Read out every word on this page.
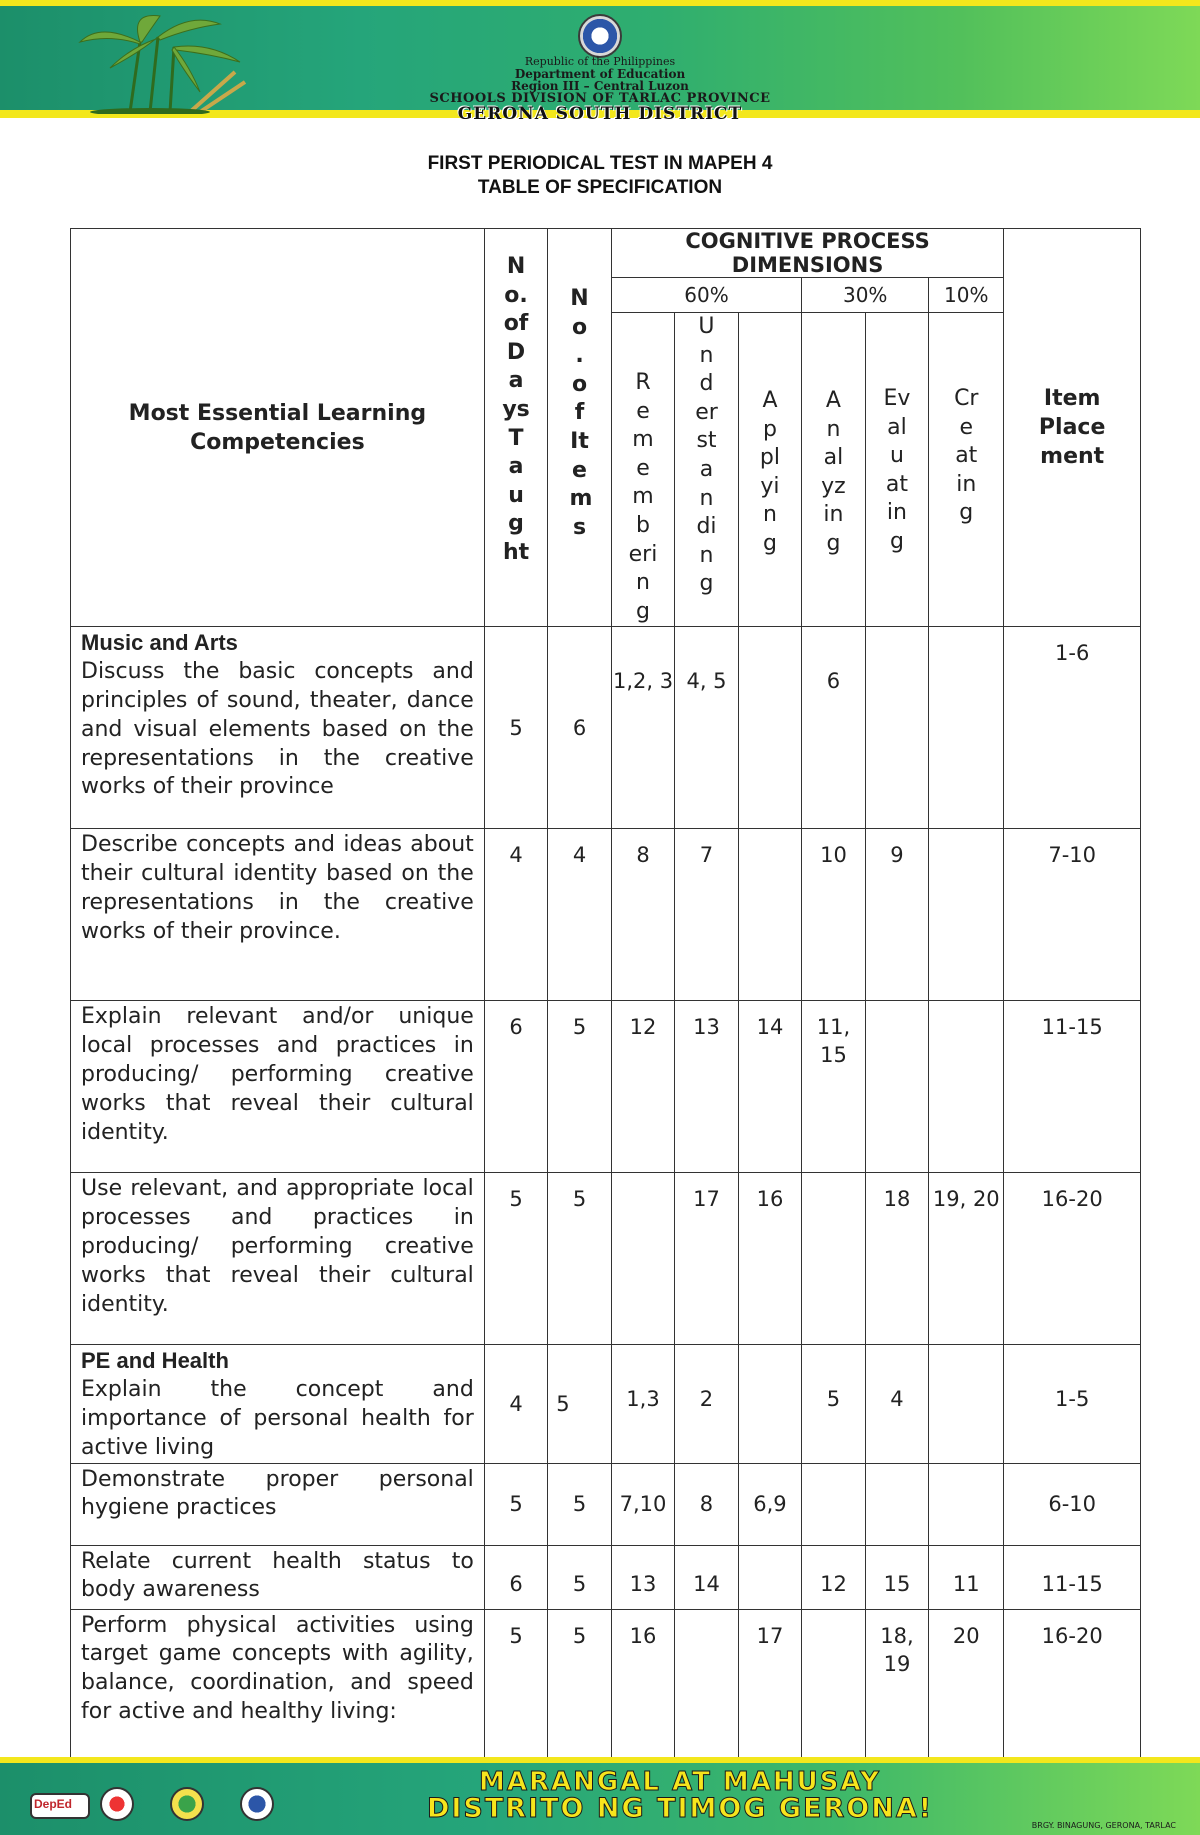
Republic of the Philippines
Department of Education
Region III – Central Luzon
SCHOOLS DIVISION OF TARLAC PROVINCE
GERONA SOUTH DISTRICT
FIRST PERIODICAL TEST IN MAPEH 4
TABLE OF SPECIFICATION
Most Essential Learning Competencies	N o. of D a ys T a u g ht	N o . o f It e m s	COGNITIVE PROCESS DIMENSIONS						Item Place ment

			60%			30%		10%	

			R e m e m b eri n g	U n d er st a n di n g	A p pl yi n g	A n al yz in g	Ev al u at in g	Cr e at in g	

Music and Arts
Discuss the basic concepts and principles of sound, theater, dance and visual elements based on the representations in the creative works of their province	5	6	1,2, 3	4, 5		6			1-6
Describe concepts and ideas about their cultural identity based on the representations in the creative works of their province.	4	4	8	7		10	9		7-10
Explain relevant and/or unique local processes and practices in producing/ performing creative works that reveal their cultural identity.	6	5	12	13	14	11, 15			11-15
Use relevant, and appropriate local processes and practices in producing/ performing creative works that reveal their cultural identity.	5	5		17	16		18	19, 20	16-20

PE and Health
Explain the concept and importance of personal health for active living	4	5	1,3	2		5	4		1-5
Demonstrate proper personal hygiene practices	5	5	7,10	8	6,9				6-10
Relate current health status to body awareness	6	5	13	14		12	15	11	11-15
Perform physical activities using target game concepts with agility, balance, coordination, and speed for active and healthy living:	5	5	16		17		18, 19	20	16-20
DepEd
MARANGAL AT MAHUSAY
DISTRITO NG TIMOG GERONA!
BRGY. BINAGUNG, GERONA, TARLAC
